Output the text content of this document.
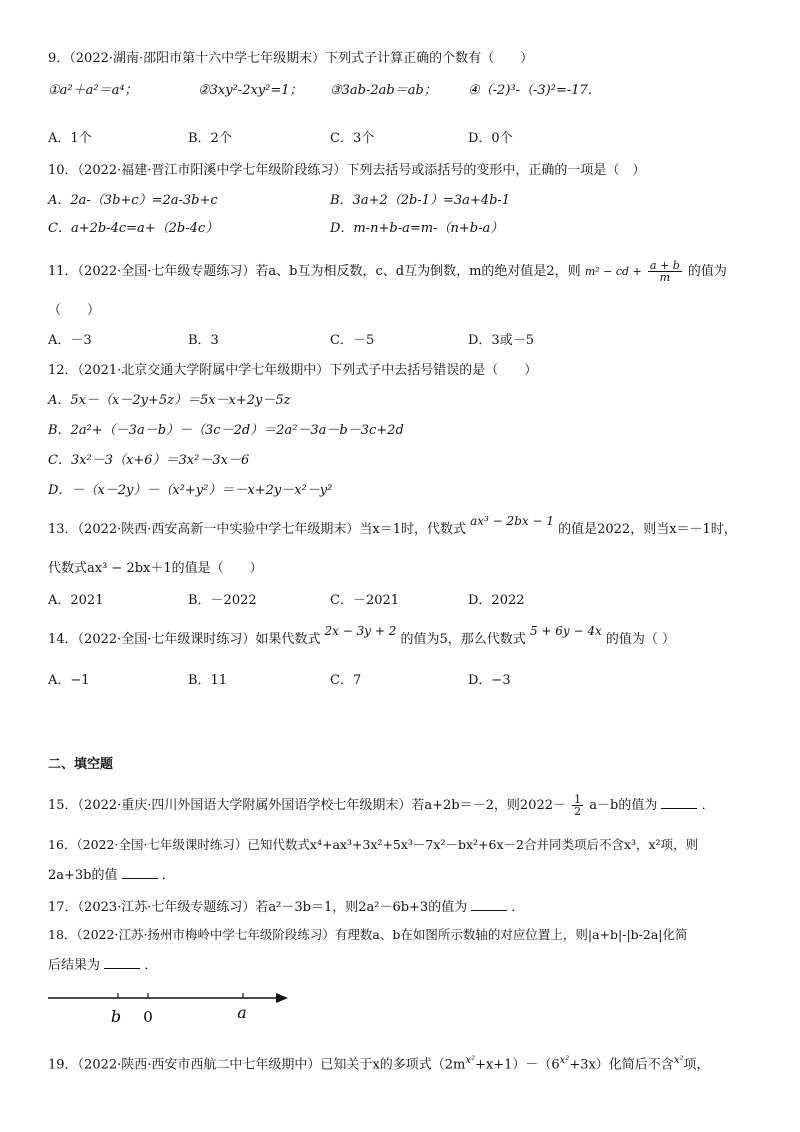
9．（2022·湖南·邵阳市第十六中学七年级期末）下列式子计算正确的个数有（　　）
①a²＋a²＝a⁴；	②3xy²-2xy²=1； ③3ab-2ab＝ab； ④（-2)³-（-3)²=-17．
A．1个	B．2个	C．3个	D．0个
10．（2022·福建·晋江市阳溪中学七年级阶段练习）下列去括号或添括号的变形中，正确的一项是（　）
A．2a-（3b+c）=2a-3b+c	B．3a+2（2b-1）=3a+4b-1
C．a+2b-4c=a+（2b-4c）	D．m-n+b-a=m-（n+b-a）
11．（2022·全国·七年级专题练习）若a、b互为相反数，c、d互为倒数，m的绝对值是2，则 m² − cd + $\frac{a + b}{m}$ 的值为
（　　）
A．－3	B．3	C．－5	D．3或－5
12．（2021·北京交通大学附属中学七年级期中）下列式子中去括号错误的是（　　）
A．5x－（x－2y+5z）＝5x－x+2y－5z
B．2a²+（－3a－b）－（3c－2d）＝2a²－3a－b－3c+2d
C．3x²－3（x+6）＝3x²－3x－6
D．－（x－2y）－（x²+y²）＝－x+2y－x²－y²
13．（2022·陕西·西安高新一中实验中学七年级期末）当x＝1时，代数式 ax³ − 2bx − 1 的值是2022，则当x＝－1时，
代数式ax³ − 2bx＋1的值是（　　）
A．2021	B．－2022	C．－2021	D．2022
14．（2022·全国·七年级课时练习）如果代数式 2x − 3y + 2 的值为5，那么代数式 5 + 6y − 4x 的值为（ ）
A．−1	B．11	C．7	D．−3
二、填空题
15．（2022·重庆·四川外国语大学附属外国语学校七年级期末）若a+2b＝－2，则$2022- \frac{1}{2} a-b$的值为	．
16．（2022·全国·七年级课时练习）已知代数式x⁴+ax³+3x²+5x³－7x²－bx²+6x－2合并同类项后不含x³，x²项，则
2a+3b的值	．
17．（2023·江苏·七年级专题练习）若a²－3b＝1，则2a²－6b+3的值为	．
18．（2022·江苏·扬州市梅岭中学七年级阶段练习）有理数a、b在如图所示数轴的对应位置上，则|a+b|-|b-2a|化简
后结果为	．
b 0	a
19．（2022·陕西·西安市西航二中七年级期中）已知关于x的多项式$(2m^{x^2}+x+1)-(6^{x^2}+3x)$化简后不含$^{x^2}$项，
